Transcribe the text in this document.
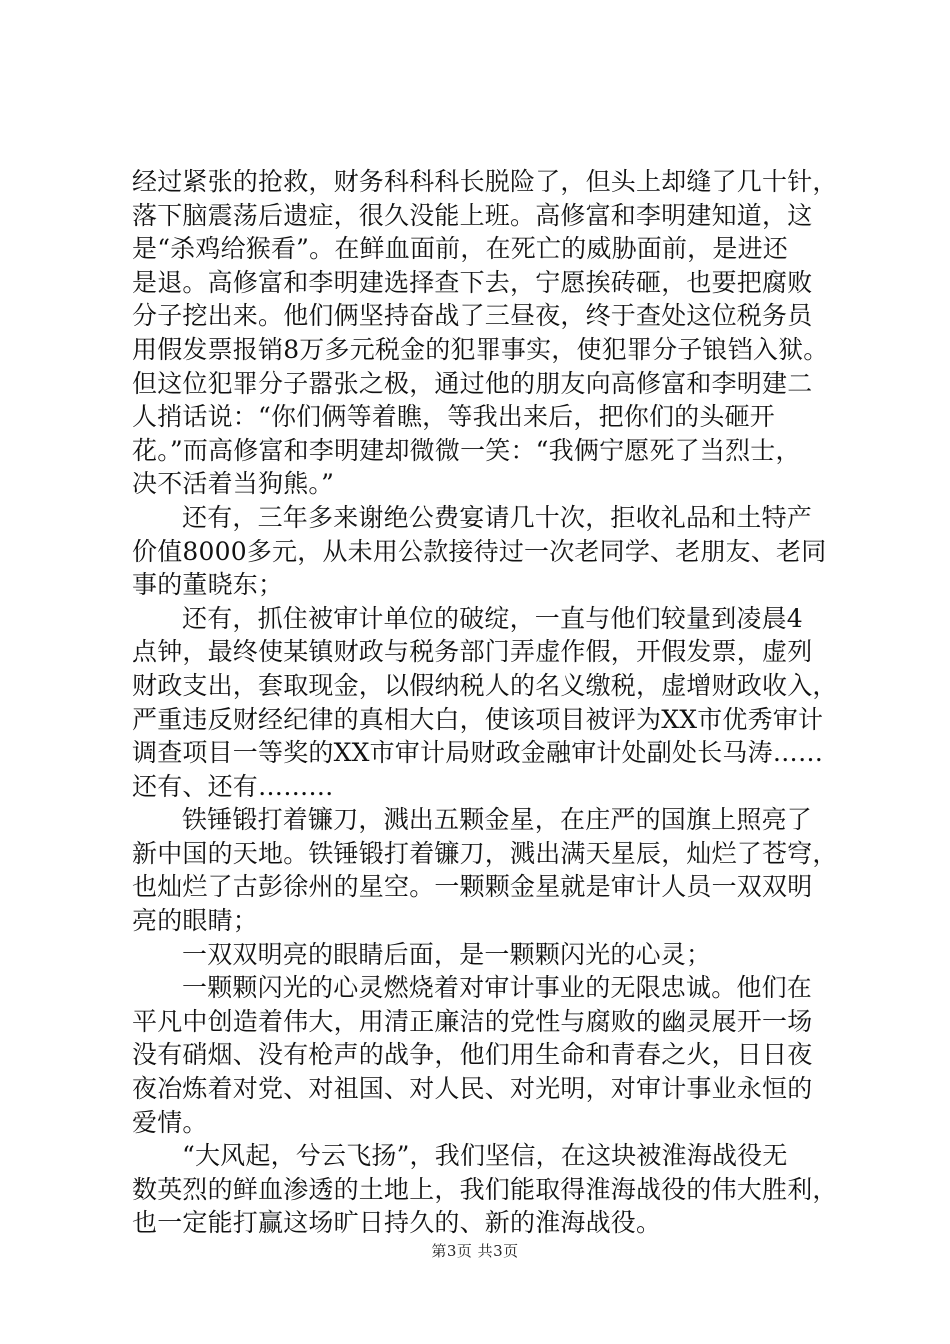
经过紧张的抢救，财务科科科长脱险了，但头上却缝了几十针，
落下脑震荡后遗症，很久没能上班。高修富和李明建知道，这
是“杀鸡给猴看”。在鲜血面前，在死亡的威胁面前，是进还
是退。高修富和李明建选择查下去，宁愿挨砖砸，也要把腐败
分子挖出来。他们俩坚持奋战了三昼夜，终于查处这位税务员
用假发票报销8万多元税金的犯罪事实，使犯罪分子锒铛入狱。
但这位犯罪分子嚣张之极，通过他的朋友向高修富和李明建二
人捎话说：“你们俩等着瞧，等我出来后，把你们的头砸开
花。”而高修富和李明建却微微一笑：“我俩宁愿死了当烈士，
决不活着当狗熊。”
还有，三年多来谢绝公费宴请几十次，拒收礼品和土特产
价值8000多元，从未用公款接待过一次老同学、老朋友、老同
事的董晓东；
还有，抓住被审计单位的破绽，一直与他们较量到凌晨4
点钟，最终使某镇财政与税务部门弄虚作假，开假发票，虚列
财政支出，套取现金，以假纳税人的名义缴税，虚增财政收入，
严重违反财经纪律的真相大白，使该项目被评为XX市优秀审计
调查项目一等奖的XX市审计局财政金融审计处副处长马涛……
还有、还有………
铁锤锻打着镰刀，溅出五颗金星，在庄严的国旗上照亮了
新中国的天地。铁锤锻打着镰刀，溅出满天星辰，灿烂了苍穹，
也灿烂了古彭徐州的星空。一颗颗金星就是审计人员一双双明
亮的眼睛；
一双双明亮的眼睛后面，是一颗颗闪光的心灵；
一颗颗闪光的心灵燃烧着对审计事业的无限忠诚。他们在
平凡中创造着伟大，用清正廉洁的党性与腐败的幽灵展开一场
没有硝烟、没有枪声的战争，他们用生命和青春之火，日日夜
夜冶炼着对党、对祖国、对人民、对光明，对审计事业永恒的
爱情。
“大风起，兮云飞扬”，我们坚信，在这块被淮海战役无
数英烈的鲜血渗透的土地上，我们能取得淮海战役的伟大胜利，
也一定能打赢这场旷日持久的、新的淮海战役。
第3页 共3页
